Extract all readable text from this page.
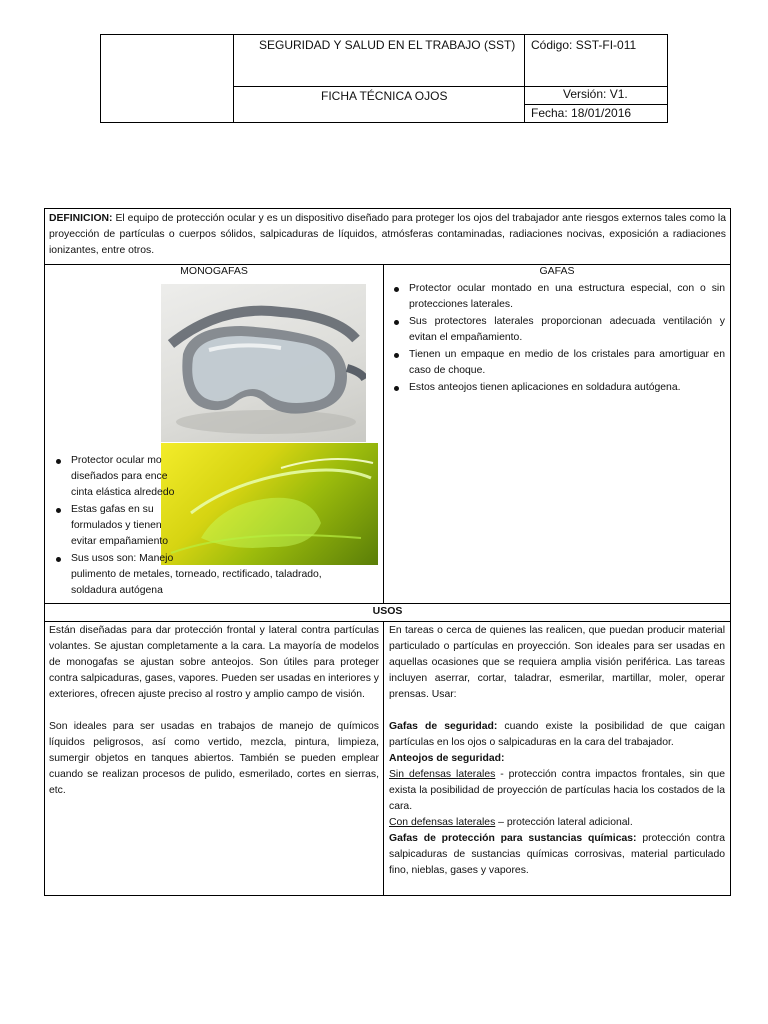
SEGURIDAD Y SALUD EN EL TRABAJO (SST) Código: SST-FI-011
FICHA TÉCNICA OJOS	Versión: V1.
Fecha: 18/01/2016
DEFINICION: El equipo de protección ocular y es un dispositivo diseñado para proteger los ojos del trabajador ante riesgos externos tales como la proyección de partículas o cuerpos sólidos, salpicaduras de líquidos, atmósferas contaminadas, radiaciones nocivas, exposición a radiaciones ionizantes, entre otros.
MONOGAFAS
Protector ocular mo
diseñados para ence
cinta elástica alrededo
Estas gafas en su
formulados y tienen
evitar empañamiento
Sus usos son: Manejo
pulimento de metales, torneado, rectificado, taladrado,
soldadura autógena
GAFAS
Protector ocular montado en una estructura especial, con o sin protecciones laterales.
Sus protectores laterales proporcionan adecuada ventilación y evitan el empañamiento.
Tienen un empaque en medio de los cristales para amortiguar en caso de choque.
Estos anteojos tienen aplicaciones en soldadura autógena.
USOS

Están diseñadas para dar protección frontal y lateral contra partículas volantes. Se ajustan completamente a la cara. La mayoría de modelos de monogafas se ajustan sobre anteojos. Son útiles para proteger contra salpicaduras, gases, vapores. Pueden ser usadas en interiores y exteriores, ofrecen ajuste preciso al rostro y amplio campo de visión.

Son ideales para ser usadas en trabajos de manejo de químicos líquidos peligrosos, así como vertido, mezcla, pintura, limpieza, sumergir objetos en tanques abiertos. También se pueden emplear cuando se realizan procesos de pulido, esmerilado, cortes en sierras, etc.

En tareas o cerca de quienes las realicen, que puedan producir material particulado o partículas en proyección. Son ideales para ser usadas en aquellas ocasiones que se requiera amplia visión periférica. Las tareas incluyen aserrar, cortar, taladrar, esmerilar, martillar, moler, operar prensas. Usar:

Gafas de seguridad: cuando existe la posibilidad de que caigan partículas en los ojos o salpicaduras en la cara del trabajador.

Anteojos de seguridad:

Sin defensas laterales - protección contra impactos frontales, sin que exista la posibilidad de proyección de partículas hacia los costados de la cara.

Con defensas laterales – protección lateral adicional.

Gafas de protección para sustancias químicas: protección contra salpicaduras de sustancias químicas corrosivas, material particulado fino, nieblas, gases y vapores.
